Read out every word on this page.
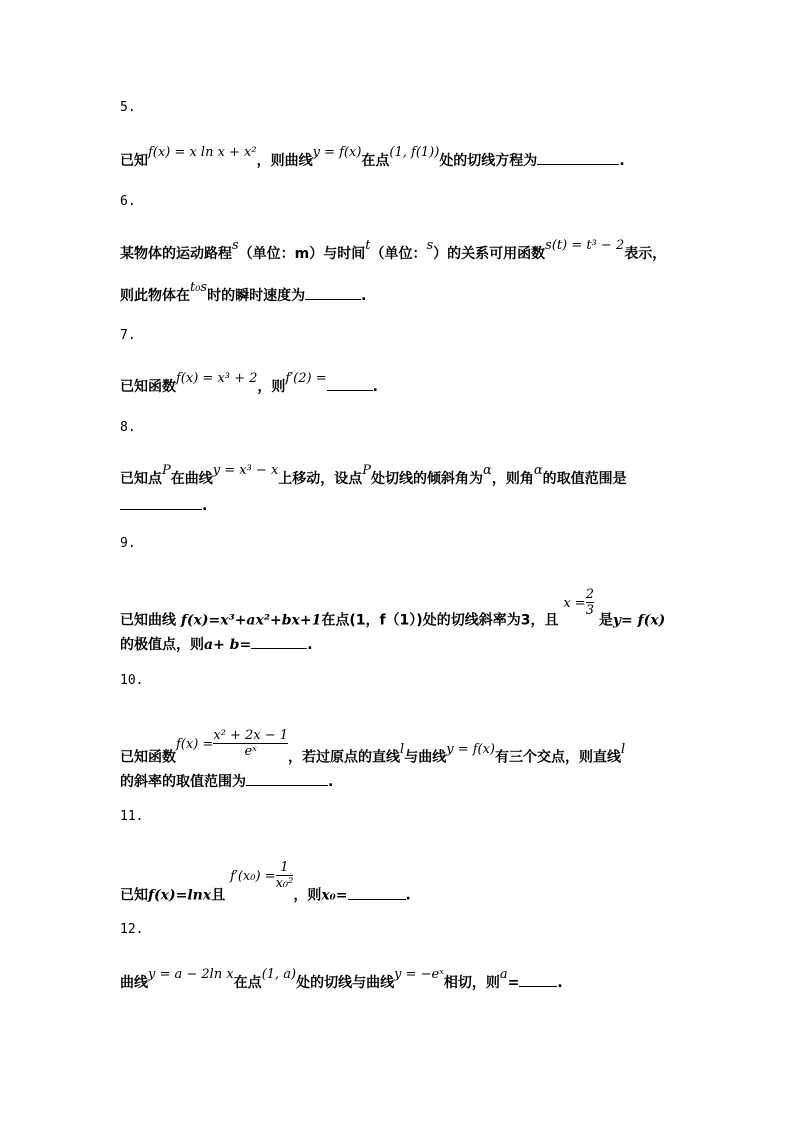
5.
已知f(x) = x ln x + x²，则曲线y = f(x)在点(1, f(1))处的切线方程为	.
6.
某物体的运动路程s（单位：m）与时间t（单位：s）的关系可用函数s(t) = t³ − 2表示，
则此物体在t₀s时的瞬时速度为	.
7.
已知函数f(x) = x³ + 2，则f′(2) =.
8.
已知点P在曲线y = x³ − x上移动，设点P处切线的倾斜角为α，则角α的取值范围是
.
9.
已知曲线 f(x)=x³+ax²+bx+1在点(1，f（1）)处的切线斜率为3，且 $x = \frac{2}{3}$
是y= f(x)
的极值点，则a+ b=	.
10.
已知函数$f(x) = \frac{\text{x² + 2x − 1}}{\text{eˣ}}$ ，若过原点的直线l与曲线y = f(x)有三个交点，则直线l
的斜率的取值范围为	.
11.
已知f(x)=lnx且 $f'(x_0) = \frac{1}{\text{x₀²}}$
，则x₀=	.
12.
曲线y = a − 2ln x在点(1, a)处的切线与曲线y = −eˣ相切，则a=	.
